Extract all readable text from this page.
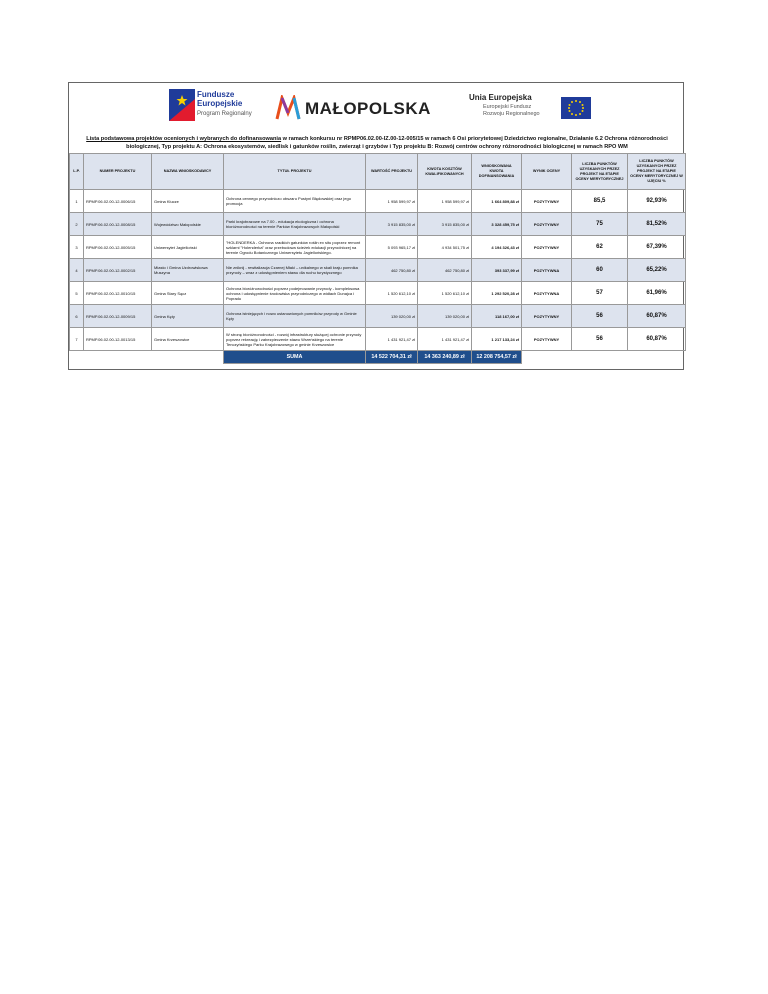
Fundusze
Europejskie
Program Regionalny	MAŁOPOLSKA
Unia Europejska
Europejski Fundusz
Rozwoju Regionalnego
Lista podstawowa projektów ocenionych i wybranych do dofinansowania w ramach konkursu nr RPMP06.02.00-IZ.00-12-005/15 w ramach 6 Osi priorytetowej Dziedzictwo regionalne, Działanie 6.2 Ochrona różnorodności biologicznej, Typ projektu A: Ochrona ekosystemów, siedlisk i gatunków roślin, zwierząt i grzybów i Typ projektu B: Rozwój centrów ochrony różnorodności biologicznej w ramach RPO WM
L.P.	NUMER PROJEKTU	NAZWA WNIOSKODAWCY	TYTUŁ PROJEKTU	WARTOŚĆ PROJEKTU	KWOTA KOSZTÓW KWALIFIKOWANYCH	WNIOSKOWANA KWOTA DOFINANSOWANIA	WYNIK OCENY	LICZBA PUNKTÓW UZYSKANYCH PRZEZ PROJEKT NA ETAPIE OCENY MERYTORYCZNEJ	LICZBA PUNKTÓW UZYSKANYCH PRZEZ PROJEKT NA ETAPIE OCENY MERYTORYCZNEJ W UJĘCIU %
1	RPMP.06.02.00-12-0006/15	Gmina Klucze	Ochrona cennego przyrodniczo obszaru Pustyni Błędowskiej oraz jego promocja	1 958 599,97 zł	1 958 599,97 zł	1 664 809,88 zł	POZYTYWNY	85,5	92,93%
2	RPMP.06.02.00-12-0008/15	Województwo Małopolskie	Parki krajobrazowe na 7.00 - edukacja ekologiczna i ochrona bioróżnorodności na terenie Parków Krajobrazowych Małopolski	3 915 835,00 zł	3 915 835,00 zł	3 328 459,75 zł	POZYTYWNY	75	81,52%
3	RPMP.06.02.00-12-0005/15	Uniwersytet Jagielloński	"HOLENDERKA - Ochrona rzadkich gatunków roślin ex situ poprzez remont szklarni "Holenderka" oraz przebudowa ścieżek edukacji przyrodniczej na terenie Ogrodu Botanicznego Uniwersytetu Jagiellońskiego.	5 093 965,17 zł	4 934 501,75 zł	4 194 326,43 zł	POZYTYWNY	62	67,39%
4	RPMP.06.02.00-12-0002/15	Miasto i Gmina Uzdrowiskowa Muszyna	Nie zniknij - rewitalizacja Czarnej Młaki – unikalnego w skali kraju pomnika przyrody – wraz z udostępnieniem stawu dla ruchu turystycznego	462 750,80 zł	462 750,80 zł	393 337,99 zł	POZYTYWNA	60	65,22%
5	RPMP.06.02.00-12-0010/15	Gmina Stary Sącz	Ochrona bioróżnorodności poprzez podejmowanie przyrody - kompleksowa ochrona i udostępnienie środowiska przyrodniczego w widłach Dunajca i Popradu	1 520 612,10 zł	1 520 612,10 zł	1 292 520,28 zł	POZYTYWNA	57	61,96%
6	RPMP.06.02.00-12-0009/15	Gmina Kęty	Ochrona istniejących i nowo ustanowionych pomników przyrody w Gminie Kęty	139 020,00 zł	139 020,00 zł	118 167,00 zł	POZYTYWNY	56	60,87%
7	RPMP.06.02.00-12-0013/15	Gmina Krzeszowice	W stronę bioróżnorodności - rozwój infrastruktury służącej ochronie przyrody poprzez rekreację i zabezpieczenie stawu Wrzeńskiego na terenie Tenczyńskiego Parku Krajobrazowego w gminie Krzeszowice	1 431 921,47 zł	1 431 921,47 zł	1 217 133,24 zł	POZYTYWNY	56	60,87%
			SUMA	14 522 704,31 zł	14 363 240,89 zł	12 208 754,57 zł			
